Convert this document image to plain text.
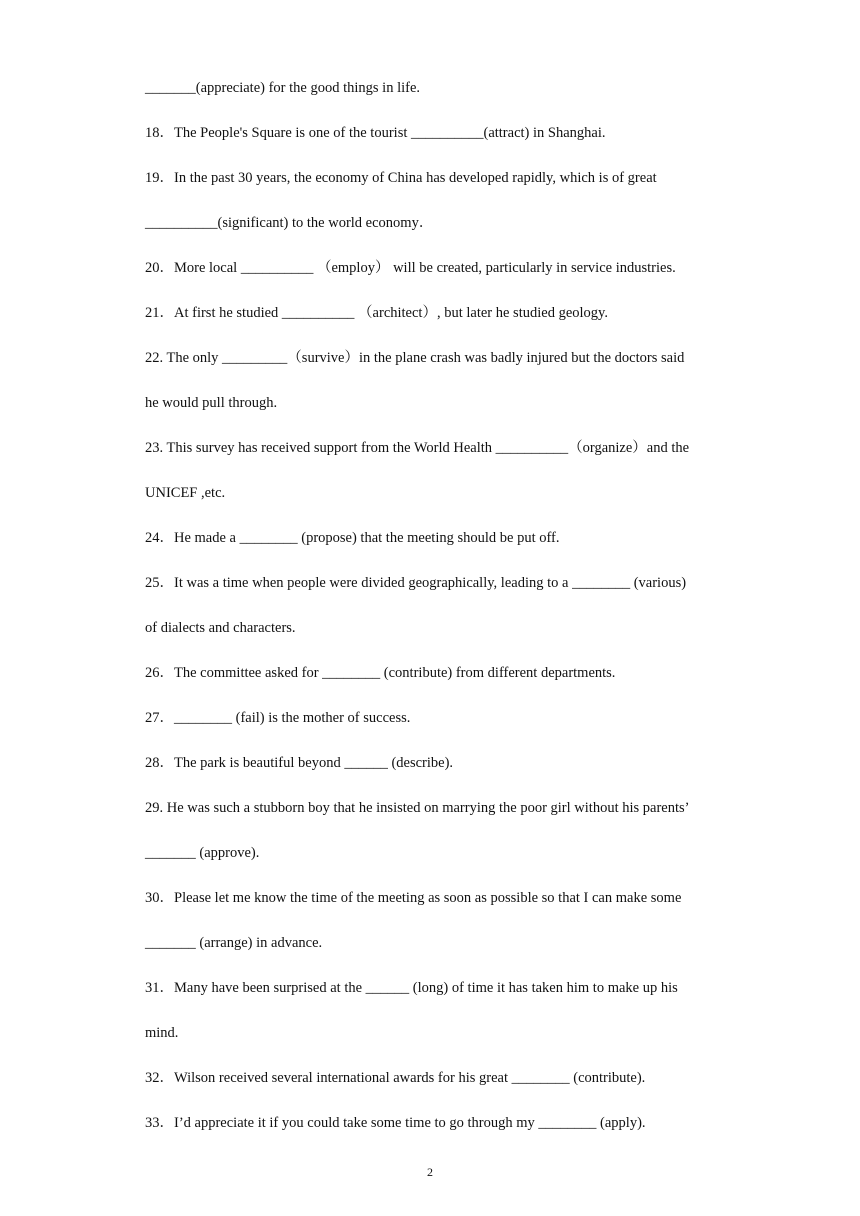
_______(appreciate) for the good things in life.
18．The People's Square is one of the tourist __________(attract) in Shanghai.
19．In the past 30 years, the economy of China has developed rapidly, which is of great
__________(significant) to the world economy．
20．More local __________ （employ） will be created, particularly in service industries.
21．At first he studied __________ （architect）, but later he studied geology.
22. The only _________（survive）in the plane crash was badly injured but the doctors said
he would pull through.
23. This survey has received support from the World Health __________（organize）and the
UNICEF ,etc.
24．He made a ________ (propose) that the meeting should be put off.
25．It was a time when people were divided geographically, leading to a ________ (various)
of dialects and characters.
26．The committee asked for ________ (contribute) from different departments.
27．________ (fail) is the mother of success.
28．The park is beautiful beyond ______ (describe).
29. He was such a stubborn boy that he insisted on marrying the poor girl without his parents’
_______ (approve).
30．Please let me know the time of the meeting as soon as possible so that I can make some
_______ (arrange) in advance.
31．Many have been surprised at the ______ (long) of time it has taken him to make up his
mind.
32．Wilson received several international awards for his great ________ (contribute).
33．I’d appreciate it if you could take some time to go through my ________ (apply).
2
